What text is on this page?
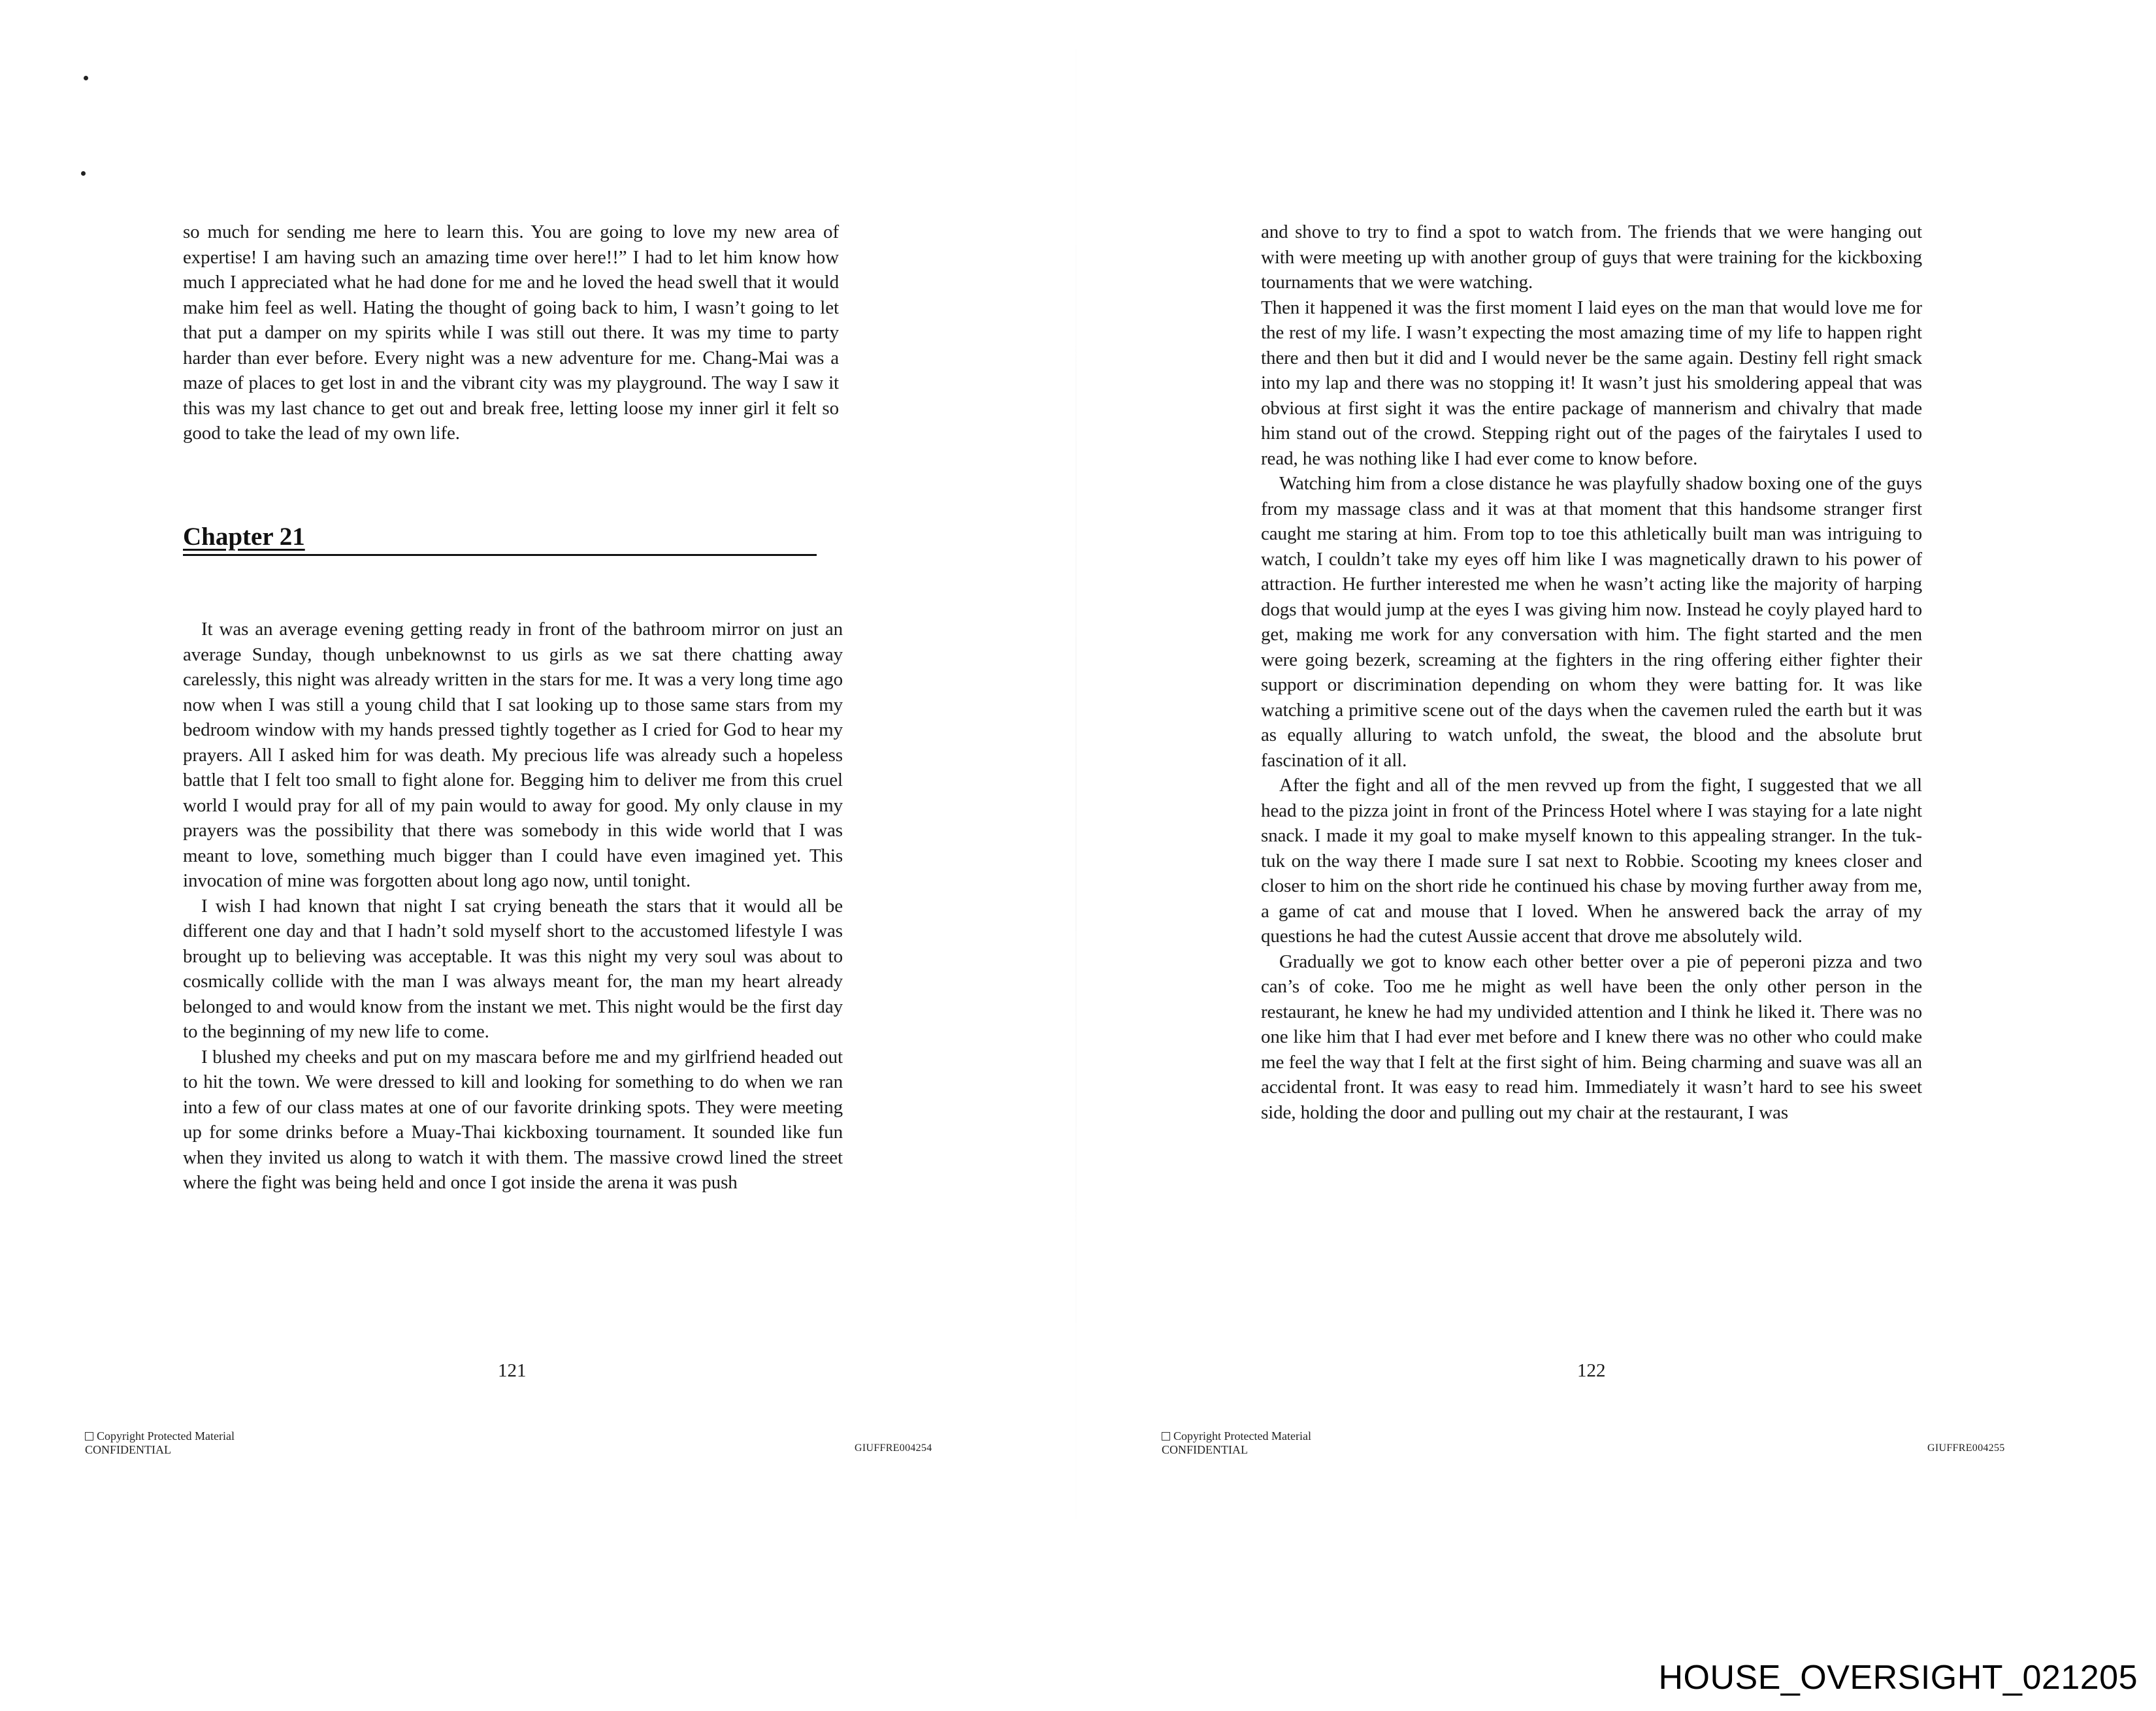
so much for sending me here to learn this. You are going to love my new area of expertise! I am having such an amazing time over here!!” I had to let him know how much I appreciated what he had done for me and he loved the head swell that it would make him feel as well. Hating the thought of going back to him, I wasn’t going to let that put a damper on my spirits while I was still out there. It was my time to party harder than ever before. Every night was a new adventure for me. Chang-Mai was a maze of places to get lost in and the vibrant city was my playground. The way I saw it this was my last chance to get out and break free, letting loose my inner girl it felt so good to take the lead of my own life.

Chapter 21

It was an average evening getting ready in front of the bathroom mirror on just an average Sunday, though unbeknownst to us girls as we sat there chatting away carelessly, this night was already written in the stars for me. It was a very long time ago now when I was still a young child that I sat looking up to those same stars from my bedroom window with my hands pressed tightly together as I cried for God to hear my prayers. All I asked him for was death. My precious life was already such a hopeless battle that I felt too small to fight alone for. Begging him to deliver me from this cruel world I would pray for all of my pain would to away for good. My only clause in my prayers was the possibility that there was somebody in this wide world that I was meant to love, something much bigger than I could have even imagined yet. This invocation of mine was forgotten about long ago now, until tonight.

I wish I had known that night I sat crying beneath the stars that it would all be different one day and that I hadn’t sold myself short to the accustomed lifestyle I was brought up to believing was acceptable. It was this night my very soul was about to cosmically collide with the man I was always meant for, the man my heart already belonged to and would know from the instant we met. This night would be the first day to the beginning of my new life to come.

I blushed my cheeks and put on my mascara before me and my girlfriend headed out to hit the town. We were dressed to kill and looking for something to do when we ran into a few of our class mates at one of our favorite drinking spots. They were meeting up for some drinks before a Muay-Thai kickboxing tournament. It sounded like fun when they invited us along to watch it with them. The massive crowd lined the street where the fight was being held and once I got inside the arena it was push

121
Copyright Protected Material
CONFIDENTIAL	GIUFFRE004254

and shove to try to find a spot to watch from. The friends that we were hanging out with were meeting up with another group of guys that were training for the kickboxing tournaments that we were watching.

Then it happened it was the first moment I laid eyes on the man that would love me for the rest of my life. I wasn’t expecting the most amazing time of my life to happen right there and then but it did and I would never be the same again. Destiny fell right smack into my lap and there was no stopping it! It wasn’t just his smoldering appeal that was obvious at first sight it was the entire package of mannerism and chivalry that made him stand out of the crowd. Stepping right out of the pages of the fairytales I used to read, he was nothing like I had ever come to know before.

Watching him from a close distance he was playfully shadow boxing one of the guys from my massage class and it was at that moment that this handsome stranger first caught me staring at him. From top to toe this athletically built man was intriguing to watch, I couldn’t take my eyes off him like I was magnetically drawn to his power of attraction. He further interested me when he wasn’t acting like the majority of harping dogs that would jump at the eyes I was giving him now. Instead he coyly played hard to get, making me work for any conversation with him. The fight started and the men were going bezerk, screaming at the fighters in the ring offering either fighter their support or discrimination depending on whom they were batting for. It was like watching a primitive scene out of the days when the cavemen ruled the earth but it was as equally alluring to watch unfold, the sweat, the blood and the absolute brut fascination of it all.

After the fight and all of the men revved up from the fight, I suggested that we all head to the pizza joint in front of the Princess Hotel where I was staying for a late night snack. I made it my goal to make myself known to this appealing stranger. In the tuk-tuk on the way there I made sure I sat next to Robbie. Scooting my knees closer and closer to him on the short ride he continued his chase by moving further away from me, a game of cat and mouse that I loved. When he answered back the array of my questions he had the cutest Aussie accent that drove me absolutely wild.

Gradually we got to know each other better over a pie of peperoni pizza and two can’s of coke. Too me he might as well have been the only other person in the restaurant, he knew he had my undivided attention and I think he liked it. There was no one like him that I had ever met before and I knew there was no other who could make me feel the way that I felt at the first sight of him. Being charming and suave was all an accidental front. It was easy to read him. Immediately it wasn’t hard to see his sweet side, holding the door and pulling out my chair at the restaurant, I was

122
Copyright Protected Material
CONFIDENTIAL	GIUFFRE004255
HOUSE_OVERSIGHT_021205
